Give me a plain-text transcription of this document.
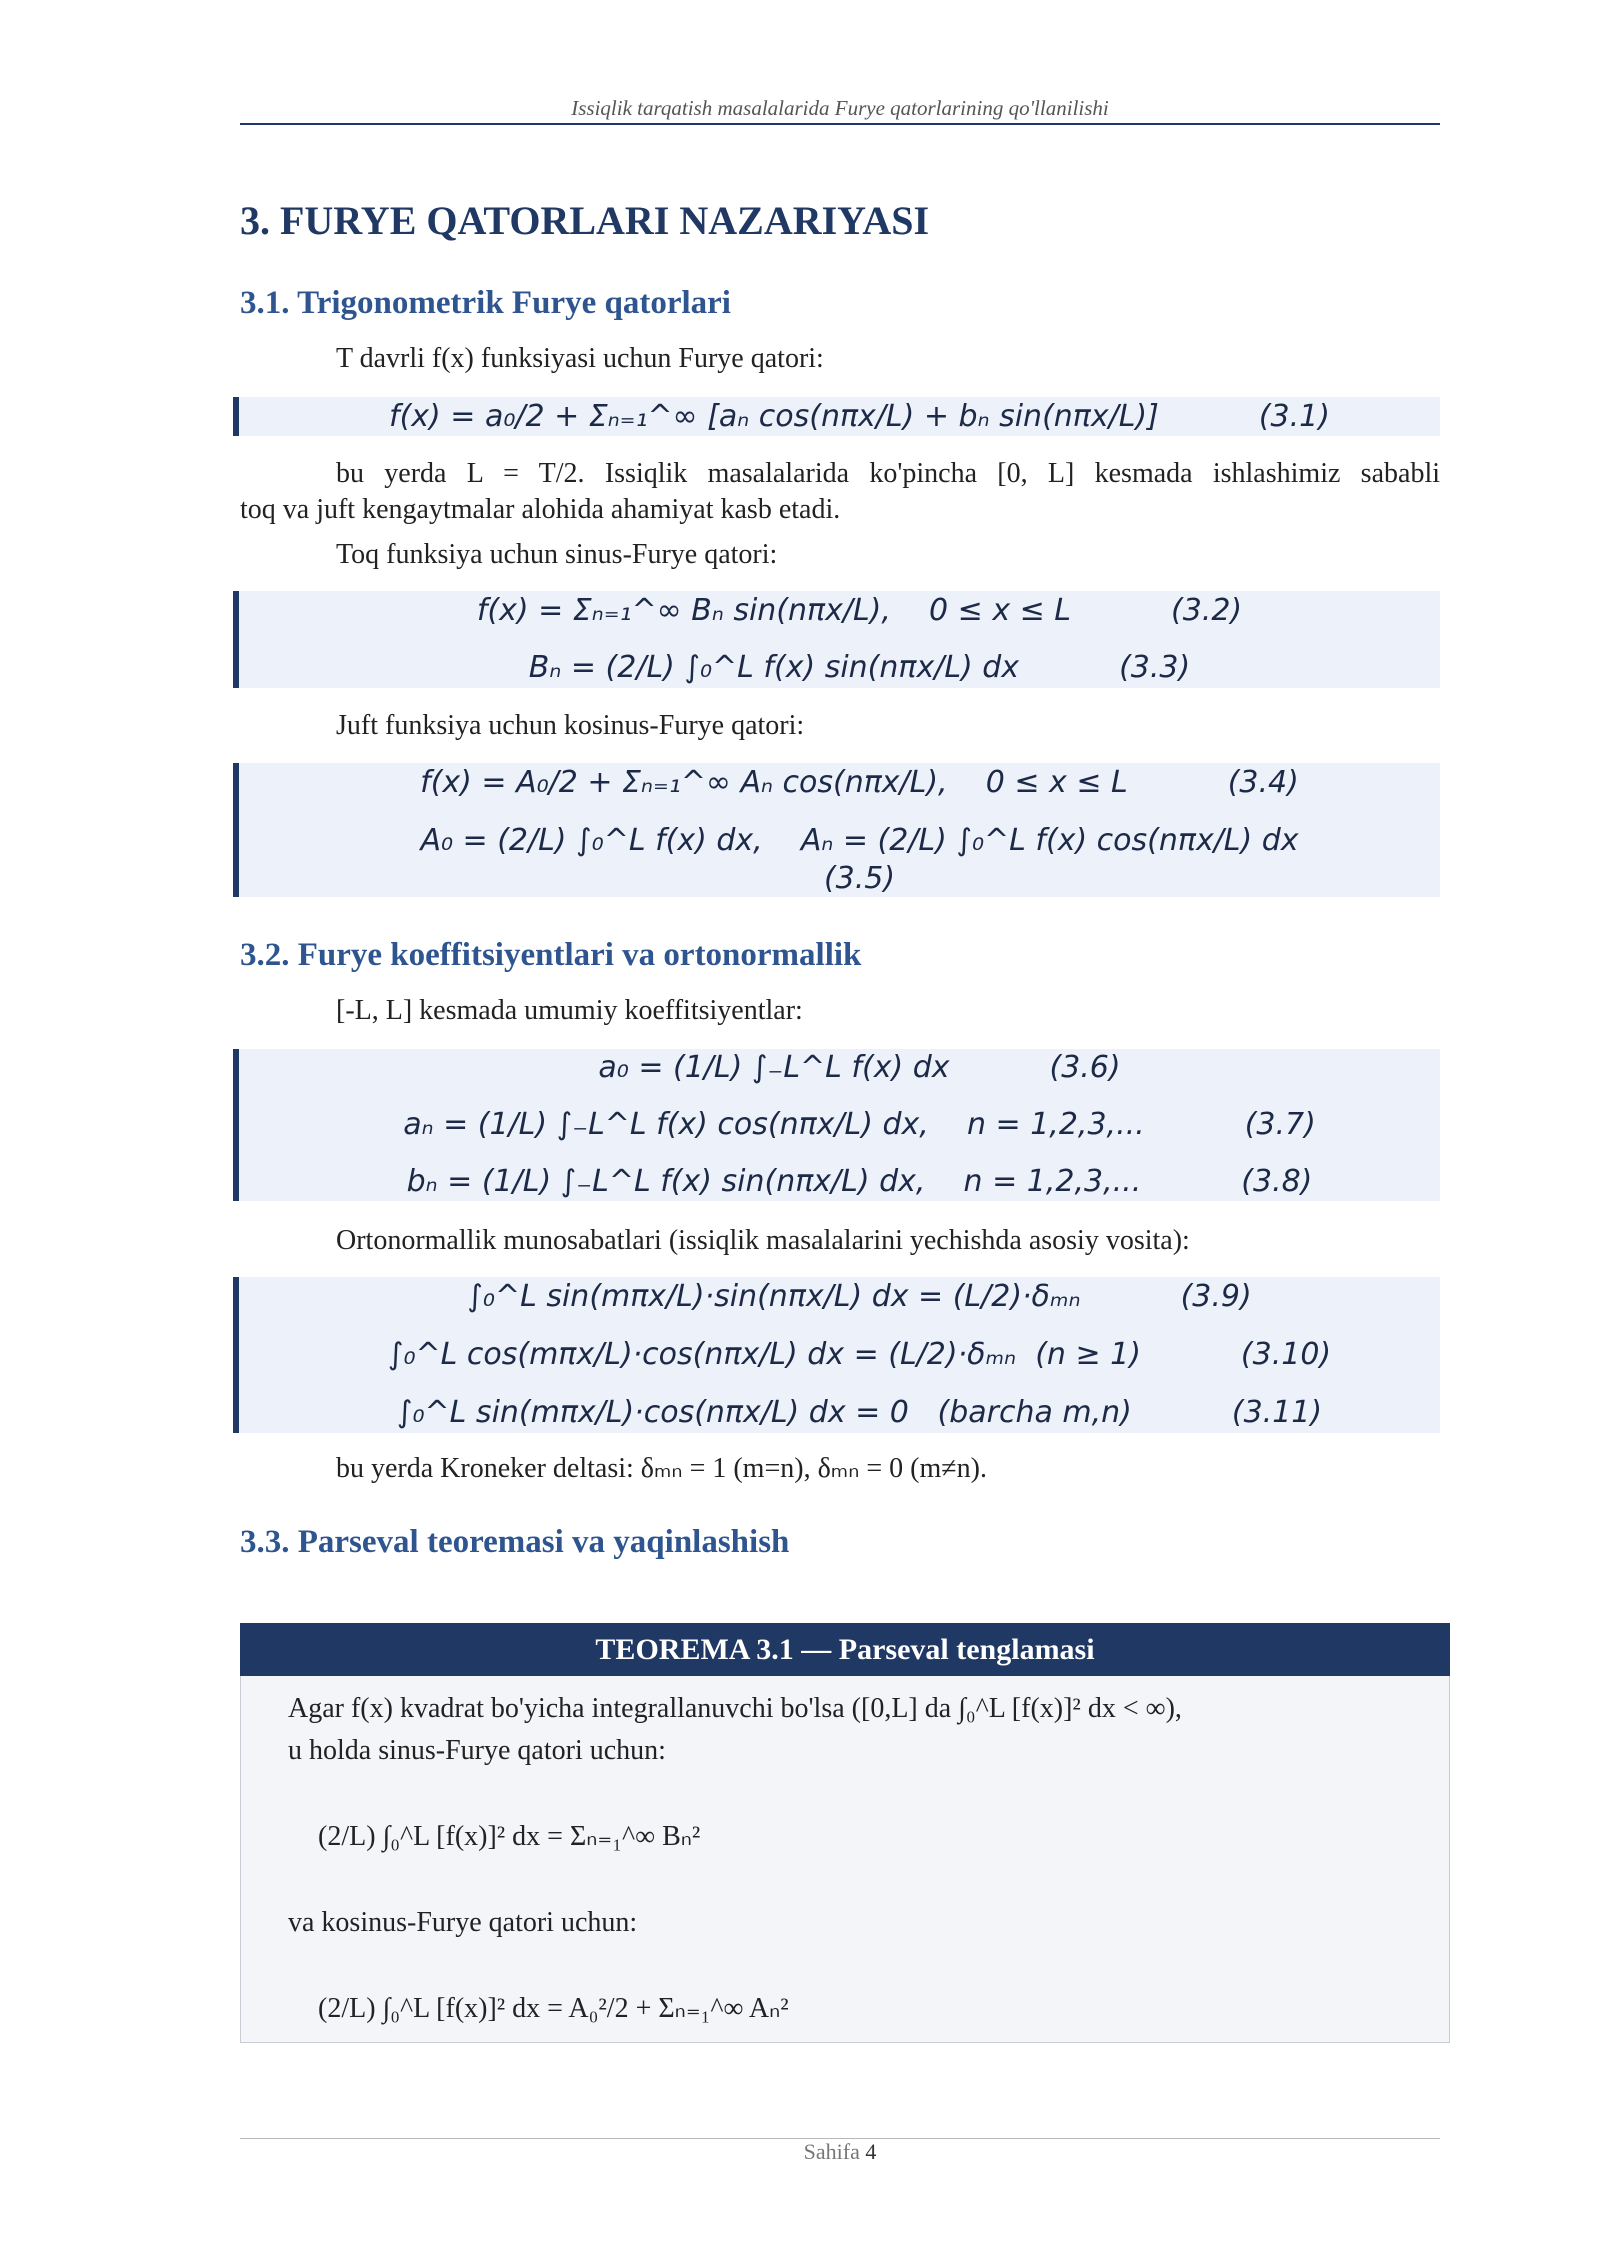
Issiqlik tarqatish masalalarida Furye qatorlarining qo'llanilishi
3. FURYE QATORLARI NAZARIYASI
3.1. Trigonometrik Furye qatorlari
T davrli f(x) funksiyasi uchun Furye qatori:
f(x) = a₀/2 + Σₙ₌₁^∞ [aₙ cos(nπx/L) + bₙ sin(nπx/L)]	(3.1)
bu yerda L = T/2. Issiqlik masalalarida ko'pincha [0, L] kesmada ishlashimiz sababli
toq va juft kengaytmalar alohida ahamiyat kasb etadi.
Toq funksiya uchun sinus-Furye qatori:
f(x) = Σₙ₌₁^∞ Bₙ sin(nπx/L),    0 ≤ x ≤ L	(3.2)
Bₙ = (2/L) ∫₀^L f(x) sin(nπx/L) dx	(3.3)
Juft funksiya uchun kosinus-Furye qatori:
f(x) = A₀/2 + Σₙ₌₁^∞ Aₙ cos(nπx/L),    0 ≤ x ≤ L	(3.4)
A₀ = (2/L) ∫₀^L f(x) dx,    Aₙ = (2/L) ∫₀^L f(x) cos(nπx/L) dx
(3.5)
3.2. Furye koeffitsiyentlari va ortonormallik
[-L, L] kesmada umumiy koeffitsiyentlar:
a₀ = (1/L) ∫₋L^L f(x) dx	(3.6)
aₙ = (1/L) ∫₋L^L f(x) cos(nπx/L) dx,    n = 1,2,3,...	(3.7)
bₙ = (1/L) ∫₋L^L f(x) sin(nπx/L) dx,    n = 1,2,3,...	(3.8)
Ortonormallik munosabatlari (issiqlik masalalarini yechishda asosiy vosita):
∫₀^L sin(mπx/L)·sin(nπx/L) dx = (L/2)·δₘₙ	(3.9)
∫₀^L cos(mπx/L)·cos(nπx/L) dx = (L/2)·δₘₙ  (n ≥ 1)	(3.10)
∫₀^L sin(mπx/L)·cos(nπx/L) dx = 0   (barcha m,n)	(3.11)
bu yerda Kroneker deltasi: δₘₙ = 1 (m=n), δₘₙ = 0 (m≠n).
3.3. Parseval teoremasi va yaqinlashish
TEOREMA 3.1 — Parseval tenglamasi
Agar f(x) kvadrat bo'yicha integrallanuvchi bo'lsa ([0,L] da ∫₀^L [f(x)]² dx < ∞),
u holda sinus-Furye qatori uchun:
(2/L) ∫₀^L [f(x)]² dx = Σₙ₌₁^∞ Bₙ²
va kosinus-Furye qatori uchun:
(2/L) ∫₀^L [f(x)]² dx = A₀²/2 + Σₙ₌₁^∞ Aₙ²
Sahifa 4
